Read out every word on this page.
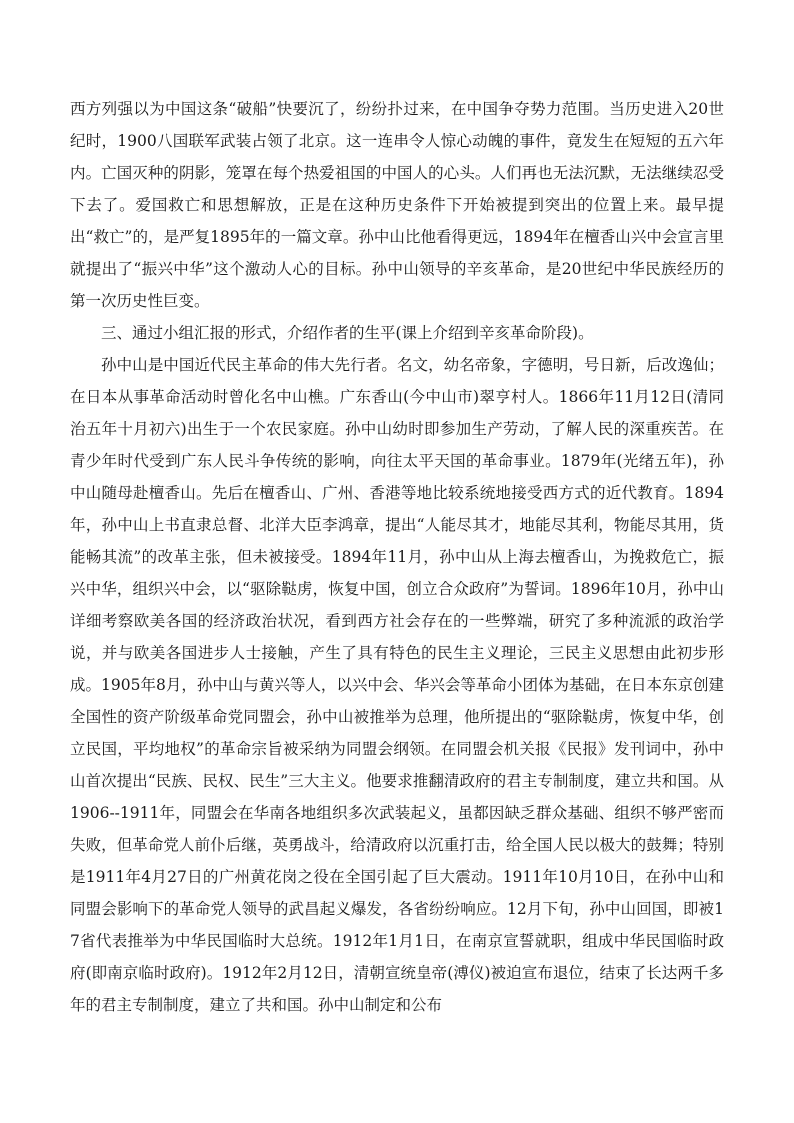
西方列强以为中国这条“破船”快要沉了，纷纷扑过来，在中国争夺势力范围。当历史进入20世纪时，1900八国联军武装占领了北京。这一连串令人惊心动魄的事件，竟发生在短短的五六年内。亡国灭种的阴影，笼罩在每个热爱祖国的中国人的心头。人们再也无法沉默，无法继续忍受下去了。爱国救亡和思想解放，正是在这种历史条件下开始被提到突出的位置上来。最早提出“救亡”的，是严复1895年的一篇文章。孙中山比他看得更远，1894年在檀香山兴中会宣言里就提出了“振兴中华”这个激动人心的目标。孙中山领导的辛亥革命，是20世纪中华民族经历的第一次历史性巨变。

三、通过小组汇报的形式，介绍作者的生平(课上介绍到辛亥革命阶段)。

孙中山是中国近代民主革命的伟大先行者。名文，幼名帝象，字德明，号日新，后改逸仙；在日本从事革命活动时曾化名中山樵。广东香山(今中山市)翠亨村人。1866年11月12日(清同治五年十月初六)出生于一个农民家庭。孙中山幼时即参加生产劳动，了解人民的深重疾苦。在青少年时代受到广东人民斗争传统的影响，向往太平天国的革命事业。1879年(光绪五年)，孙中山随母赴檀香山。先后在檀香山、广州、香港等地比较系统地接受西方式的近代教育。1894年，孙中山上书直隶总督、北洋大臣李鸿章，提出“人能尽其才，地能尽其利，物能尽其用，货能畅其流”的改革主张，但未被接受。1894年11月，孙中山从上海去檀香山，为挽救危亡，振兴中华，组织兴中会，以“驱除鞑虏，恢复中国，创立合众政府”为誓词。1896年10月，孙中山详细考察欧美各国的经济政治状况，看到西方社会存在的一些弊端，研究了多种流派的政治学说，并与欧美各国进步人士接触，产生了具有特色的民生主义理论，三民主义思想由此初步形成。1905年8月，孙中山与黄兴等人，以兴中会、华兴会等革命小团体为基础，在日本东京创建全国性的资产阶级革命党同盟会，孙中山被推举为总理，他所提出的“驱除鞑虏，恢复中华，创立民国，平均地权”的革命宗旨被采纳为同盟会纲领。在同盟会机关报《民报》发刊词中，孙中山首次提出“民族、民权、民生”三大主义。他要求推翻清政府的君主专制制度，建立共和国。从1906--1911年，同盟会在华南各地组织多次武装起义，虽都因缺乏群众基础、组织不够严密而失败，但革命党人前仆后继，英勇战斗，给清政府以沉重打击，给全国人民以极大的鼓舞；特别是1911年4月27日的广州黄花岗之役在全国引起了巨大震动。1911年10月10日，在孙中山和同盟会影响下的革命党人领导的武昌起义爆发，各省纷纷响应。12月下旬，孙中山回国，即被17省代表推举为中华民国临时大总统。1912年1月1日，在南京宣誓就职，组成中华民国临时政府(即南京临时政府)。1912年2月12日，清朝宣统皇帝(溥仪)被迫宣布退位，结束了长达两千多年的君主专制制度，建立了共和国。孙中山制定和公布
